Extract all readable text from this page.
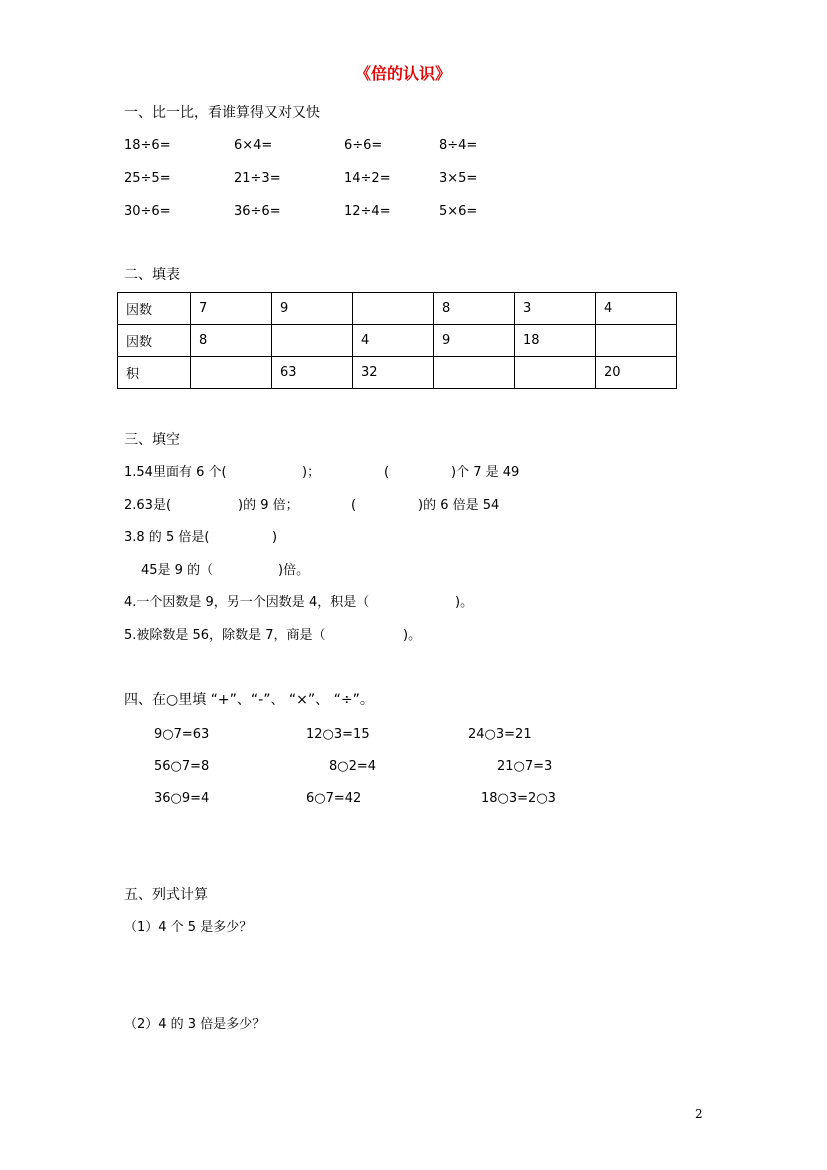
《倍的认识》
一、比一比，看谁算得又对又快
18÷6=	6×4=	6÷6=	8÷4=
25÷5=	21÷3=	14÷2=	3×5=
30÷6=	36÷6=	12÷4=	5×6=
二、填表
因数	7	9		8	3	4
因数	8		4	9	18	
积		63	32			20
三、填空
1.54里面有 6 个(	)；	(	)个 7 是 49
2.63是(	)的 9 倍；	(	)的 6 倍是 54
3.8 的 5 倍是(	)
45是 9 的（	)倍。
4.一个因数是 9，另一个因数是 4，积是（	)。
5.被除数是 56，除数是 7，商是（	)。
四、在○里填 “+”、“-”、 “×”、 “÷”。
9○7=63	12○3=15	24○3=21
56○7=8	8○2=4	21○7=3
36○9=4	6○7=42	18○3=2○3
五、列式计算
（1）4 个 5 是多少？
（2）4 的 3 倍是多少？
2
